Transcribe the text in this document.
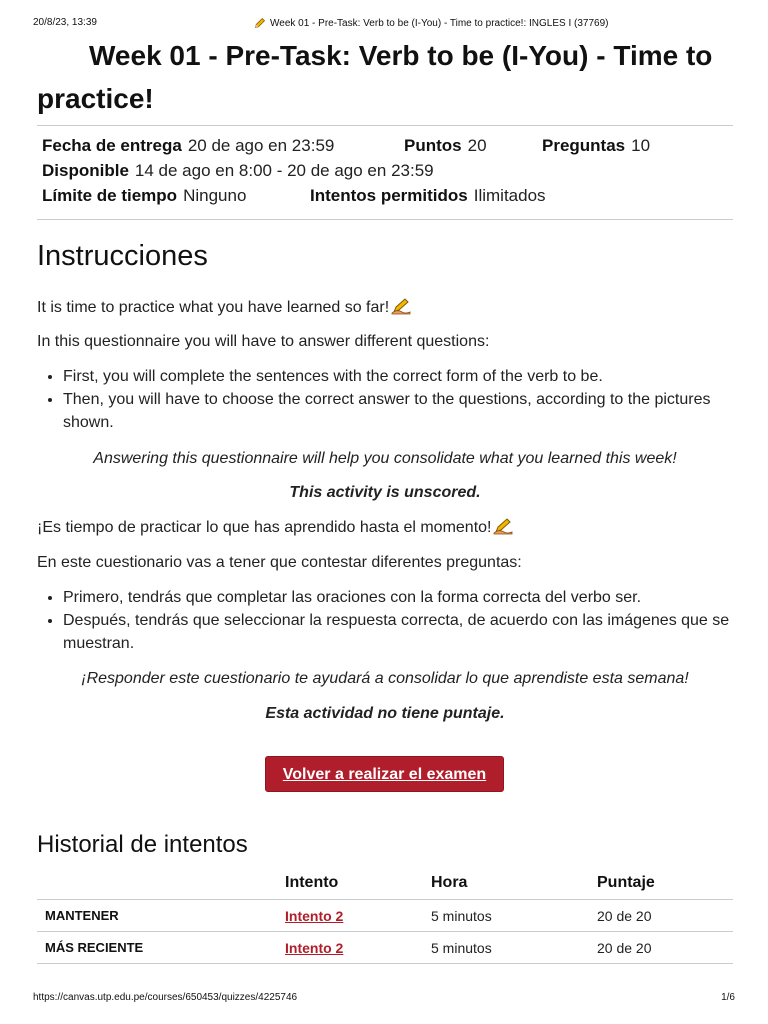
20/8/23, 13:39	Week 01 - Pre-Task: Verb to be (I-You) - Time to practice!: INGLES I (37769)
Week 01 - Pre-Task: Verb to be (I-You) - Time to practice!
Fecha de entrega 20 de ago en 23:59	Puntos 20	Preguntas 10
Disponible 14 de ago en 8:00 - 20 de ago en 23:59
Límite de tiempo Ninguno	Intentos permitidos Ilimitados
Instrucciones

It is time to practice what you have learned so far!

In this questionnaire you will have to answer different questions:

• First, you will complete the sentences with the correct form of the verb to be.
• Then, you will have to choose the correct answer to the questions, according to the pictures shown.

Answering this questionnaire will help you consolidate what you learned this week!

This activity is unscored.

¡Es tiempo de practicar lo que has aprendido hasta el momento!

En este cuestionario vas a tener que contestar diferentes preguntas:

• Primero, tendrás que completar las oraciones con la forma correcta del verbo ser.
• Después, tendrás que seleccionar la respuesta correcta, de acuerdo con las imágenes que se muestran.

¡Responder este cuestionario te ayudará a consolidar lo que aprendiste esta semana!

Esta actividad no tiene puntaje.

Volver a realizar el examen
Historial de intentos
	Intento	Hora	Puntaje
MANTENER	Intento 2	5 minutos	20 de 20
MÁS RECIENTE	Intento 2	5 minutos	20 de 20
https://canvas.utp.edu.pe/courses/650453/quizzes/4225746	1/6
